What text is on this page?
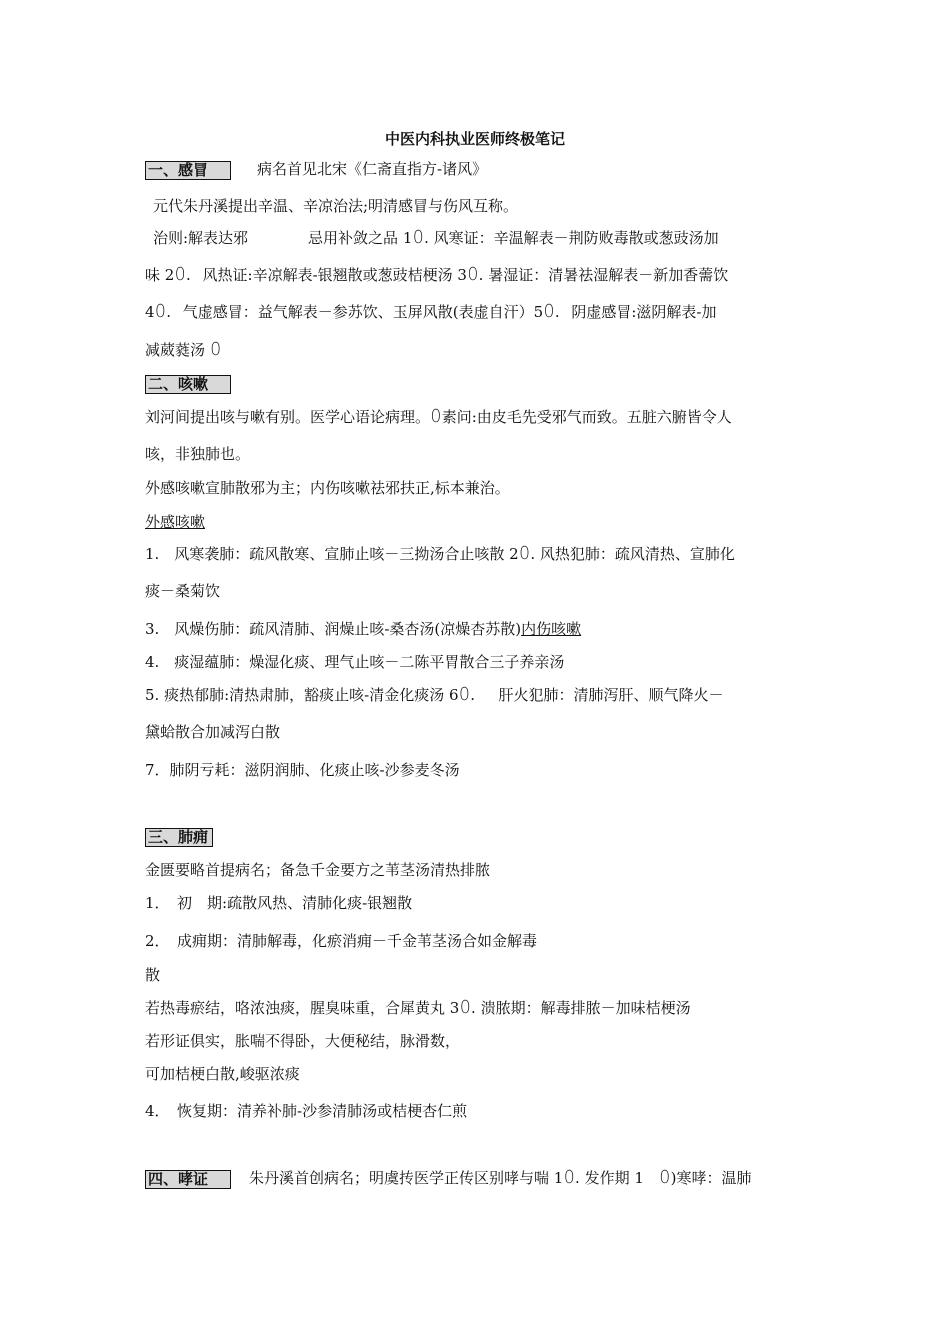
中医内科执业医师终极笔记
一、感冒	病名首见北宋《仁斋直指方-诸风》
元代朱丹溪提出辛温、辛凉治法;明清感冒与伤风互称。
治则:解表达邪　　　　忌用补敛之品 1ꄲ. 风寒证：辛温解表－荆防败毒散或葱豉汤加
味 2ꄲ.　风热证:辛凉解表-银翘散或葱豉桔梗汤 3ꄲ. 暑湿证：清暑祛湿解表－新加香薷饮
4ꄲ.　气虚感冒：益气解表－参苏饮、玉屏风散(表虚自汗）5ꄲ.　阴虚感冒:滋阴解表-加
减葳蕤汤 ꄲ
二、咳嗽
刘河间提出咳与嗽有别。医学心语论病理。ꄲ素问:由皮毛先受邪气而致。五脏六腑皆令人
咳，非独肺也。
外感咳嗽宣肺散邪为主；内伤咳嗽祛邪扶正,标本兼治。
外感咳嗽
1.　风寒袭肺：疏风散寒、宣肺止咳－三拗汤合止咳散 2ꄲ. 风热犯肺：疏风清热、宣肺化
痰－桑菊饮
3.　风燥伤肺：疏风清肺、润燥止咳-桑杏汤(凉燥杏苏散)内伤咳嗽
4.　痰湿蕴肺：燥湿化痰、理气止咳－二陈平胃散合三子养亲汤
5. 痰热郁肺:清热肃肺，豁痰止咳-清金化痰汤 6ꄲ.　　肝火犯肺：清肺泻肝、顺气降火－
黛蛤散合加减泻白散
7．肺阴亏耗：滋阴润肺、化痰止咳-沙参麦冬汤
三、肺痈
金匮要略首提病名；备急千金要方之苇茎汤清热排脓
1．　初　期:疏散风热、清肺化痰-银翘散
2．　成痈期：清肺解毒，化瘀消痈－千金苇茎汤合如金解毒
散
若热毒瘀结，咯浓浊痰，腥臭味重，合犀黄丸 3ꄲ. 溃脓期：解毒排脓－加味桔梗汤
若形证俱实，胀喘不得卧，大便秘结，脉滑数，
可加桔梗白散,峻驱浓痰
4．　恢复期：清养补肺-沙参清肺汤或桔梗杏仁煎
四、哮证	朱丹溪首创病名；明虞抟医学正传区别哮与喘 1ꄲ. 发作期 1　ꄲ)寒哮：温肺
